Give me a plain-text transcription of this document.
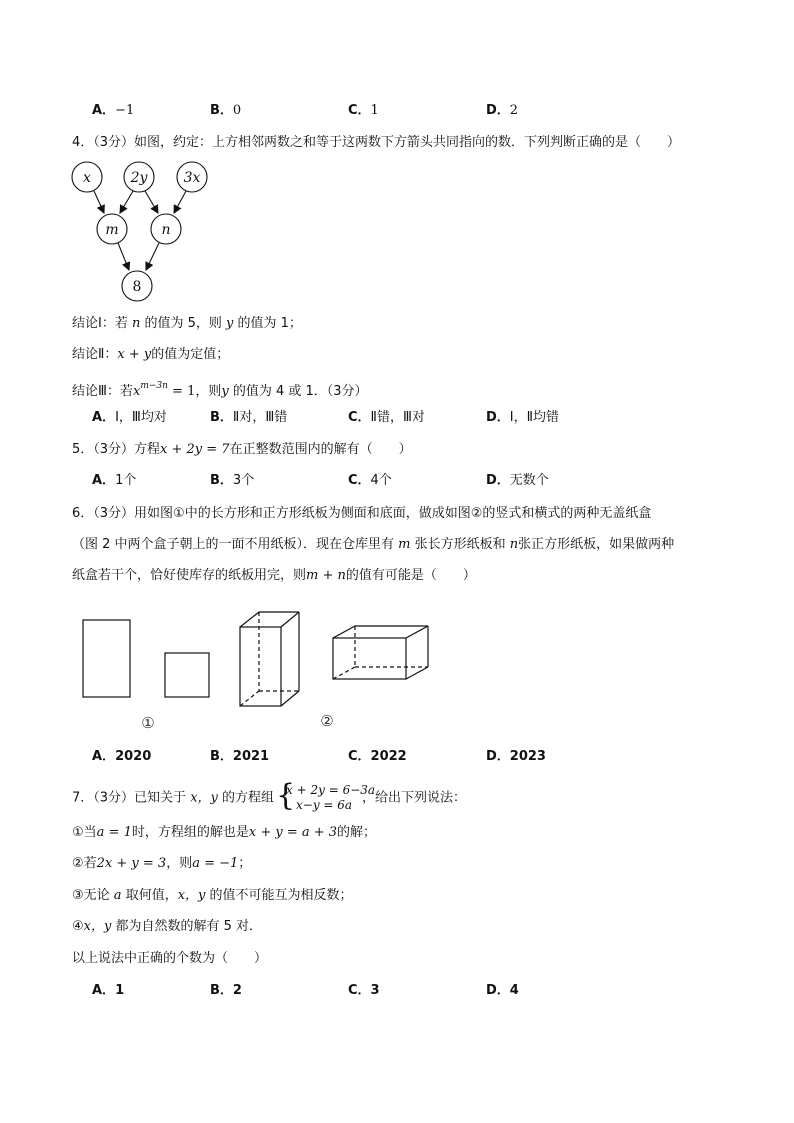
A．−1	B．0	C．1	D．2
4．（3分）如图，约定：上方相邻两数之和等于这两数下方箭头共同指向的数．下列判断正确的是（　　）
x	2y	3x
m	n
8
结论Ⅰ：若 n 的值为 5，则 y 的值为 1；
结论Ⅱ：x + y的值为定值；
结论Ⅲ：若$x^{m-3n} = 1$，则y 的值为 4 或 1．（3分）
A．Ⅰ，Ⅲ均对	B．Ⅱ对，Ⅲ错	C．Ⅱ错，Ⅲ对	D．Ⅰ，Ⅱ均错
5．（3分）方程x + 2y = 7在正整数范围内的解有（　　）
A．1个	B．3个	C．4个	D．无数个
6．（3分）用如图①中的长方形和正方形纸板为侧面和底面，做成如图②的竖式和横式的两种无盖纸盒
（图 2 中两个盒子朝上的一面不用纸板）．现在仓库里有 m 张长方形纸板和 n张正方形纸板，如果做两种
纸盒若干个，恰好使库存的纸板用完，则m + n的值有可能是（　　）
①	②
A．2020	B．2021	C．2022	D．2023
7．（3分）已知关于 x，y 的方程组 {
x + 2y = 6−3a
x−y = 6a ，给出下列说法：
①当a = 1时，方程组的解也是x + y = a + 3的解；
②若2x + y = 3，则a = −1；
③无论 a 取何值，x，y 的值不可能互为相反数；
④x，y 都为自然数的解有 5 对．
以上说法中正确的个数为（　　）
A．1	B．2	C．3	D．4
